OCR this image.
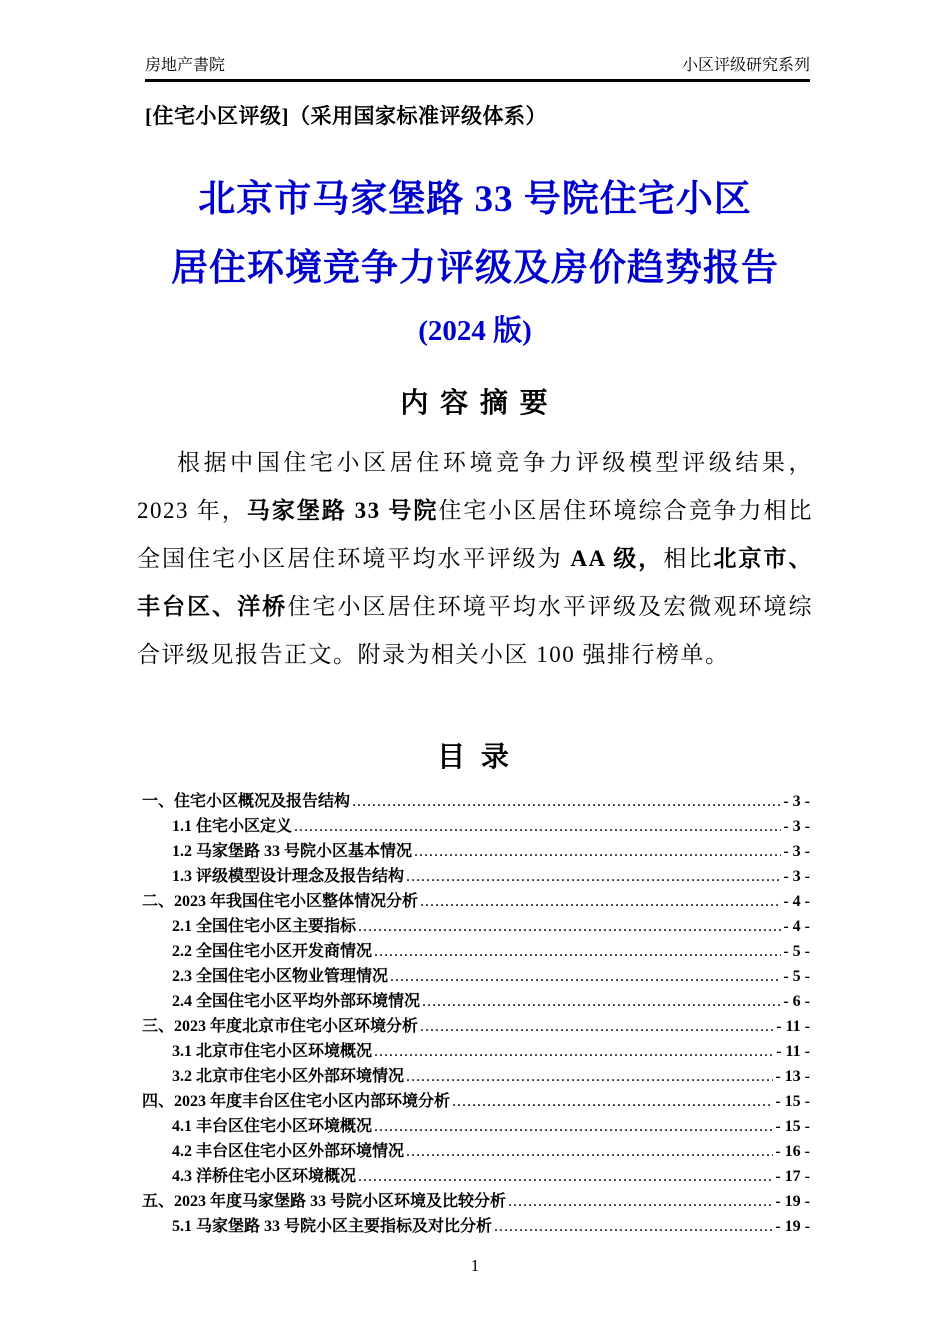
房地产書院	小区评级研究系列
[住宅小区评级]（采用国家标准评级体系）
北京市马家堡路 33 号院住宅小区
居住环境竞争力评级及房价趋势报告
(2024 版)
内 容 摘 要

根据中国住宅小区居住环境竞争力评级模型评级结果，2023 年，马家堡路 33 号院住宅小区居住环境综合竞争力相比全国住宅小区居住环境平均水平评级为 AA 级，相比北京市、丰台区、洋桥住宅小区居住环境平均水平评级及宏微观环境综合评级见报告正文。附录为相关小区 100 强排行榜单。

目 录
一、住宅小区概况及报告结构 .....	- 3 -
1.1 住宅小区定义 .....	- 3 -
1.2 马家堡路 33 号院小区基本情况 .....	- 3 -
1.3 评级模型设计理念及报告结构 .....	- 3 -
二、2023 年我国住宅小区整体情况分析 .....	- 4 -
2.1 全国住宅小区主要指标 .....	- 4 -
2.2 全国住宅小区开发商情况 .....	- 5 -
2.3 全国住宅小区物业管理情况 .....	- 5 -
2.4 全国住宅小区平均外部环境情况 .....	- 6 -
三、2023 年度北京市住宅小区环境分析 .....	- 11 -
3.1 北京市住宅小区环境概况 .....	- 11 -
3.2 北京市住宅小区外部环境情况 .....	- 13 -
四、2023 年度丰台区住宅小区内部环境分析 .....	- 15 -
4.1 丰台区住宅小区环境概况 .....	- 15 -
4.2 丰台区住宅小区外部环境情况 .....	- 16 -
4.3 洋桥住宅小区环境概况 .....	- 17 -
五、2023 年度马家堡路 33 号院小区环境及比较分析 .....	- 19 -
5.1 马家堡路 33 号院小区主要指标及对比分析 .....	- 19 -
1
